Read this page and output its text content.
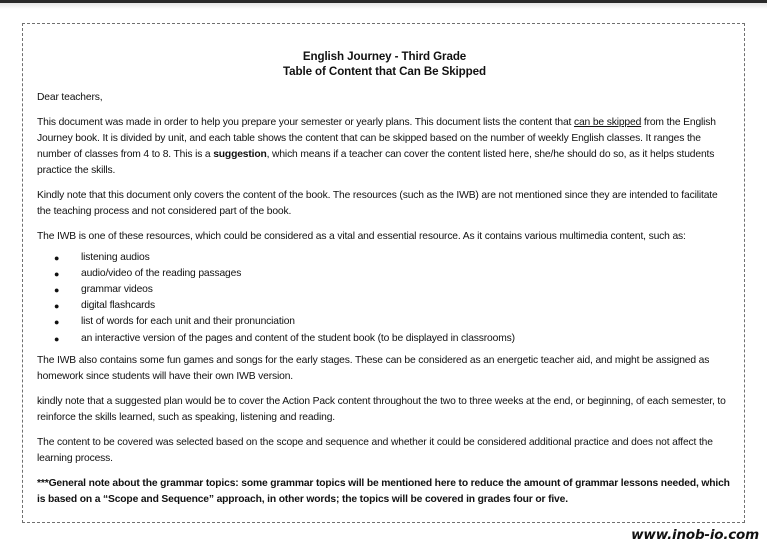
English Journey - Third Grade
Table of Content that Can Be Skipped

Dear teachers,

This document was made in order to help you prepare your semester or yearly plans. This document lists the content that can be skipped from the English Journey book. It is divided by unit, and each table shows the content that can be skipped based on the number of weekly English classes. It ranges the number of classes from 4 to 8. This is a suggestion, which means if a teacher can cover the content listed here, she/he should do so, as it helps students practice the skills.

Kindly note that this document only covers the content of the book. The resources (such as the IWB) are not mentioned since they are intended to facilitate the teaching process and not considered part of the book.

The IWB is one of these resources, which could be considered as a vital and essential resource. As it contains various multimedia content, such as:

● listening audios
● audio/video of the reading passages
● grammar videos
● digital flashcards
● list of words for each unit and their pronunciation
● an interactive version of the pages and content of the student book (to be displayed in classrooms)

The IWB also contains some fun games and songs for the early stages. These can be considered as an energetic teacher aid, and might be assigned as homework since students will have their own IWB version.

kindly note that a suggested plan would be to cover the Action Pack content throughout the two to three weeks at the end, or beginning, of each semester, to reinforce the skills learned, such as speaking, listening and reading.

The content to be covered was selected based on the scope and sequence and whether it could be considered additional practice and does not affect the learning process.

***General note about the grammar topics: some grammar topics will be mentioned here to reduce the amount of grammar lessons needed, which is based on a “Scope and Sequence” approach, in other words; the topics will be covered in grades four or five.

www.inob-io.com
